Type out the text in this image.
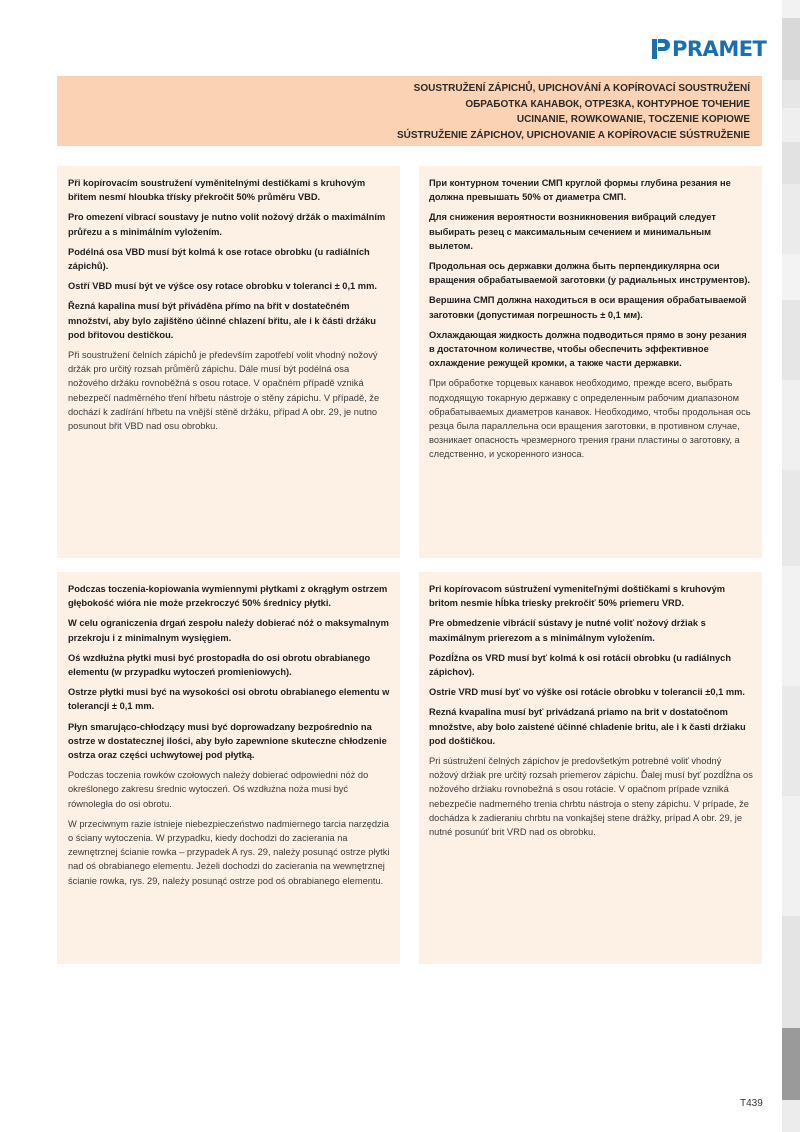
PRAMET
SOUSTRUŽENÍ ZÁPICHŮ, UPICHOVÁNÍ A KOPÍROVACÍ SOUSTRUŽENÍ
ОБРАБОТКА КАНАВОК, ОТРЕЗКА, КОНТУРНОЕ ТОЧЕНИЕ
UCINANIE, ROWKOWANIE, TOCZENIE KOPIOWE
SÚSTRUŽENIE ZÁPICHOV, UPICHOVANIE A KOPÍROVACIE SÚSTRUŽENIE

Při kopírovacím soustružení vyměnitelnými destičkami s kruhovým břitem nesmí hloubka třísky překročit 50% průměru VBD.

Pro omezení vibrací soustavy je nutno volit nožový držák o maximálním průřezu a s minimálním vyložením.

Podélná osa VBD musí být kolmá k ose rotace obrobku (u radiálních zápichů).

Ostří VBD musí být ve výšce osy rotace obrobku v toleranci ± 0,1 mm.

Řezná kapalina musí být přiváděna přímo na břit v dostatečném množství, aby bylo zajištěno účinné chlazení břitu, ale i k části držáku pod břitovou destičkou.

Při soustružení čelních zápichů je především zapotřebí volit vhodný nožový držák pro určitý rozsah průměrů zápichu. Dále musí být podélná osa nožového držáku rovnoběžná s osou rotace. V opačném případě vzniká nebezpečí nadměrného tření hřbetu nástroje o stěny zápichu. V případě, že dochází k zadírání hřbetu na vnější stěně držáku, případ A obr. 29, je nutno posunout břit VBD nad osu obrobku.

При контурном точении СМП круглой формы глубина резания не должна превышать 50% от диаметра СМП.

Для снижения вероятности возникновения вибраций следует выбирать резец с максимальным сечением и минимальным вылетом.

Продольная ось державки должна быть перпендикулярна оси вращения обрабатываемой заготовки (у радиальных инструментов).

Вершина СМП должна находиться в оси вращения обрабатываемой заготовки (допустимая погрешность ± 0,1 мм).

Охлаждающая жидкость должна подводиться прямо в зону резания в достаточном количестве, чтобы обеспечить эффективное охлаждение режущей кромки, а также части державки.

При обработке торцевых канавок необходимо, прежде всего, выбрать подходящую токарную державку с определенным рабочим диапазоном обрабатываемых диаметров канавок. Необходимо, чтобы продольная ось резца была параллельна оси вращения заготовки, в противном случае, возникает опасность чрезмерного трения грани пластины о заготовку, а следственно, и ускоренного износа.

Podczas toczenia-kopiowania wymiennymi płytkami z okrągłym ostrzem głębokość wióra nie może przekroczyć 50% średnicy płytki.

W celu ograniczenia drgań zespołu należy dobierać nóż o maksymalnym przekroju i z minimalnym wysięgiem.

Oś wzdłużna płytki musi być prostopadła do osi obrotu obrabianego elementu (w przypadku wytoczeń promieniowych).

Ostrze płytki musi być na wysokości osi obrotu obrabianego elementu w tolerancji ± 0,1 mm.

Płyn smarująco-chłodzący musi być doprowadzany bezpośrednio na ostrze w dostatecznej ilości, aby było zapewnione skuteczne chłodzenie ostrza oraz części uchwytowej pod płytką.

Podczas toczenia rowków czołowych należy dobierać odpowiedni nóż do określonego zakresu średnic wytoczeń. Oś wzdłużna noża musi być równoległa do osi obrotu.

W przeciwnym razie istnieje niebezpieczeństwo nadmiernego tarcia narzędzia o ściany wytoczenia. W przypadku, kiedy dochodzi do zacierania na zewnętrznej ścianie rowka – przypadek A rys. 29, należy posunąć ostrze płytki nad oś obrabianego elementu. Jeżeli dochodzi do zacierania na wewnętrznej ścianie rowka, rys. 29, należy posunąć ostrze pod oś obrabianego elementu.

Pri kopírovacom sústružení vymeniteľnými doštičkami s kruhovým britom nesmie hĺbka triesky prekročiť 50% priemeru VRD.

Pre obmedzenie vibrácií sústavy je nutné voliť nožový držiak s maximálnym prierezom a s minimálnym vyložením.

Pozdĺžna os VRD musí byť kolmá k osi rotácii obrobku (u radiálnych zápichov).

Ostrie VRD musí byť vo výške osi rotácie obrobku v tolerancii ±0,1 mm.

Rezná kvapalina musí byť privádzaná priamo na brit v dostatočnom množstve, aby bolo zaistené účinné chladenie britu, ale i k časti držiaku pod doštičkou.

Pri sústružení čelných zápichov je predovšetkým potrebné voliť vhodný nožový držiak pre určitý rozsah priemerov zápichu. Ďalej musí byť pozdĺžna os nožového držiaku rovnobežná s osou rotácie. V opačnom prípade vzniká nebezpečie nadmerného trenia chrbtu nástroja o steny zápichu. V prípade, že dochádza k zadieraniu chrbtu na vonkajšej stene drážky, prípad A obr. 29, je nutné posunúť brit VRD nad os obrobku.

T439
